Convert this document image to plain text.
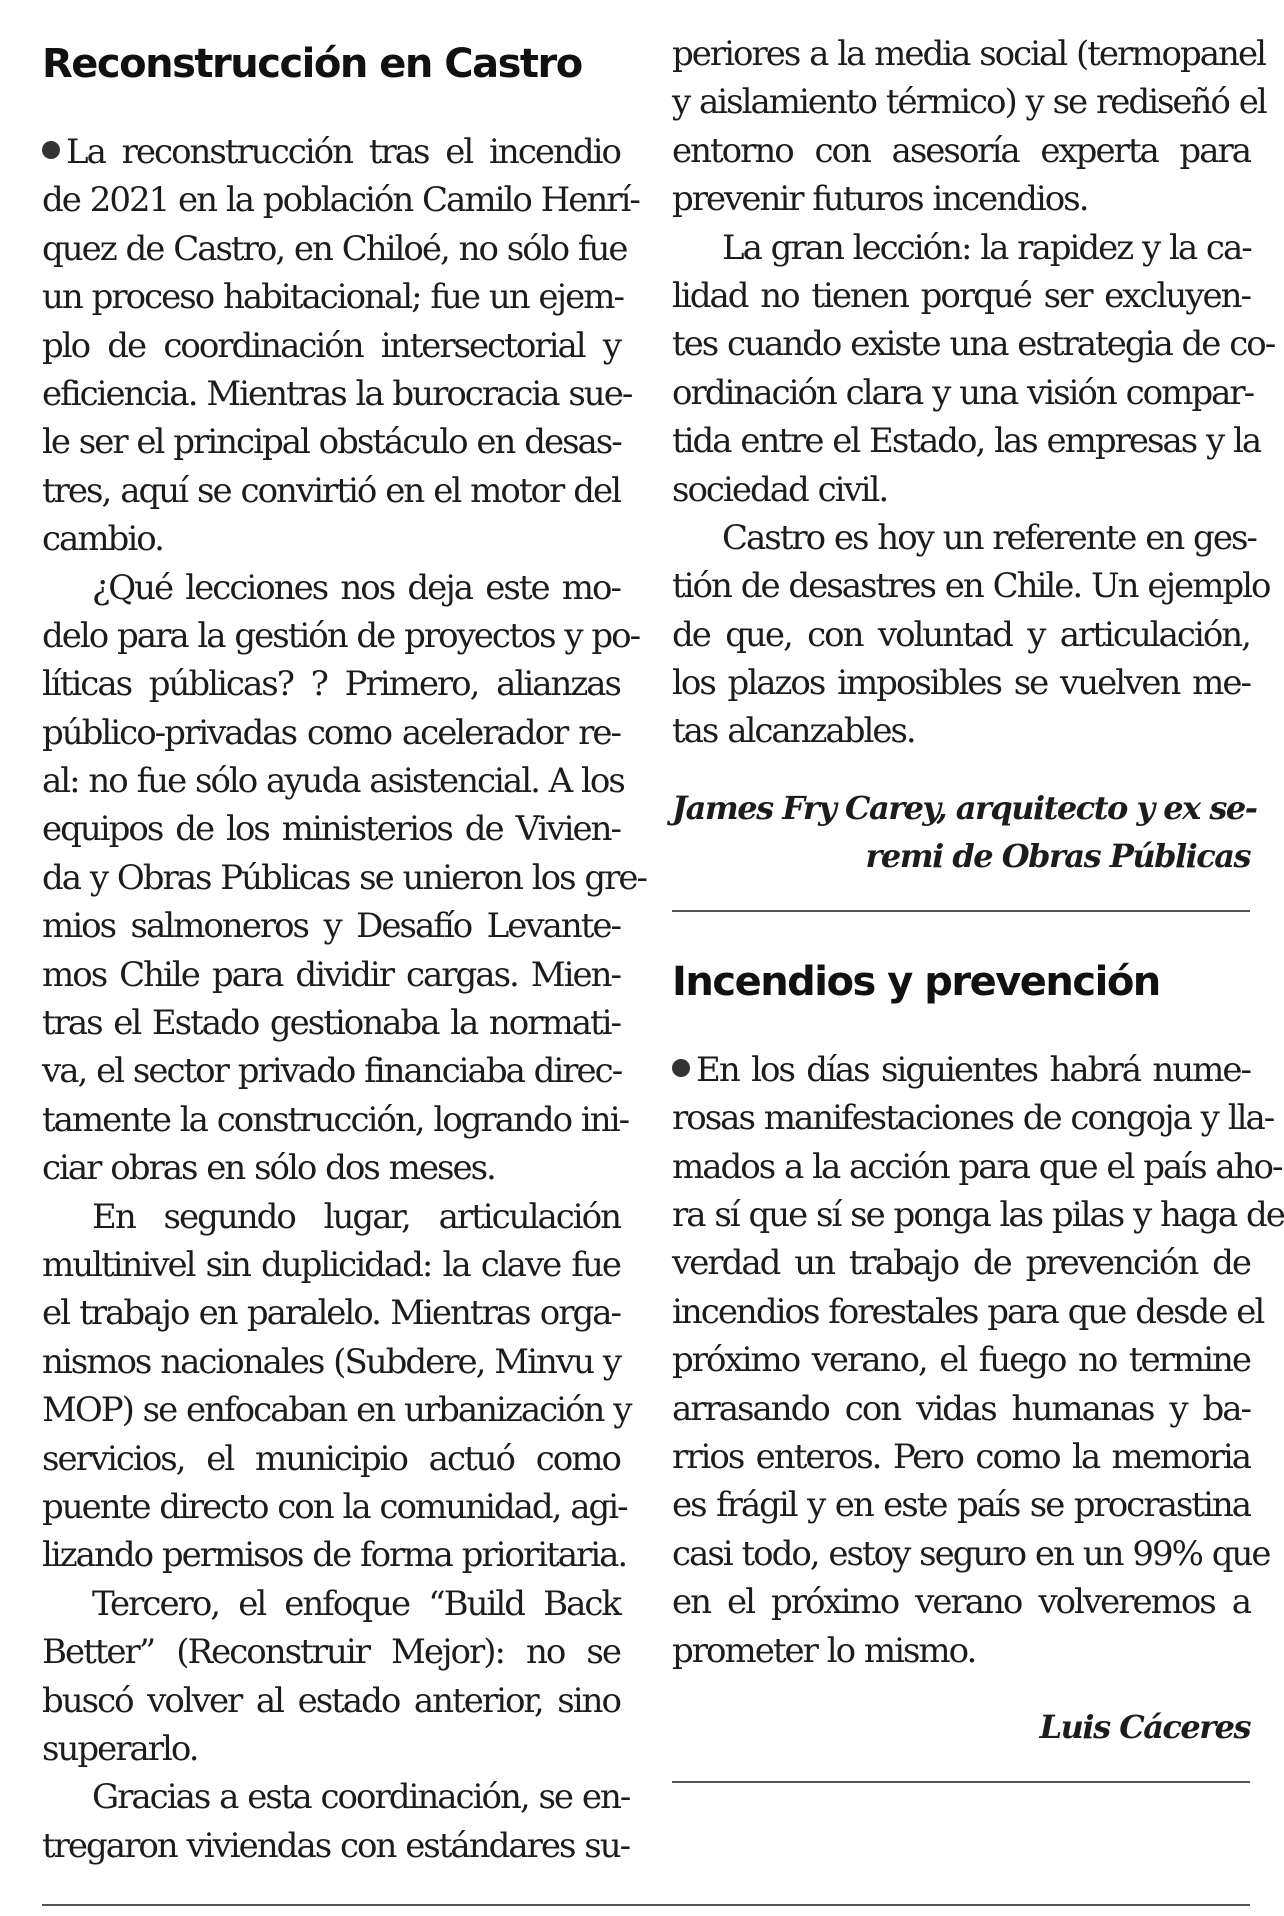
Reconstrucción en Castro
La reconstrucción tras el incendio
de 2021 en la población Camilo Henrí-
quez de Castro, en Chiloé, no sólo fue
un proceso habitacional; fue un ejem-
plo de coordinación intersectorial y
eficiencia. Mientras la burocracia sue-
le ser el principal obstáculo en desas-
tres, aquí se convirtió en el motor del
cambio.
¿Qué lecciones nos deja este mo-
delo para la gestión de proyectos y po-
líticas públicas? ? Primero, alianzas
público-privadas como acelerador re-
al: no fue sólo ayuda asistencial. A los
equipos de los ministerios de Vivien-
da y Obras Públicas se unieron los gre-
mios salmoneros y Desafío Levante-
mos Chile para dividir cargas. Mien-
tras el Estado gestionaba la normati-
va, el sector privado financiaba direc-
tamente la construcción, logrando ini-
ciar obras en sólo dos meses.
En segundo lugar, articulación
multinivel sin duplicidad: la clave fue
el trabajo en paralelo. Mientras orga-
nismos nacionales (Subdere, Minvu y
MOP) se enfocaban en urbanización y
servicios, el municipio actuó como
puente directo con la comunidad, agi-
lizando permisos de forma prioritaria.
Tercero, el enfoque “Build Back
Better” (Reconstruir Mejor): no se
buscó volver al estado anterior, sino
superarlo.
Gracias a esta coordinación, se en-
tregaron viviendas con estándares su-
periores a la media social (termopanel
y aislamiento térmico) y se rediseñó el
entorno con asesoría experta para
prevenir futuros incendios.
La gran lección: la rapidez y la ca-
lidad no tienen porqué ser excluyen-
tes cuando existe una estrategia de co-
ordinación clara y una visión compar-
tida entre el Estado, las empresas y la
sociedad civil.
Castro es hoy un referente en ges-
tión de desastres en Chile. Un ejemplo
de que, con voluntad y articulación,
los plazos imposibles se vuelven me-
tas alcanzables.
James Fry Carey, arquitecto y ex se-
remi de Obras Públicas
Incendios y prevención
En los días siguientes habrá nume-
rosas manifestaciones de congoja y lla-
mados a la acción para que el país aho-
ra sí que sí se ponga las pilas y haga de
verdad un trabajo de prevención de
incendios forestales para que desde el
próximo verano, el fuego no termine
arrasando con vidas humanas y ba-
rrios enteros. Pero como la memoria
es frágil y en este país se procrastina
casi todo, estoy seguro en un 99% que
en el próximo verano volveremos a
prometer lo mismo.
Luis Cáceres
